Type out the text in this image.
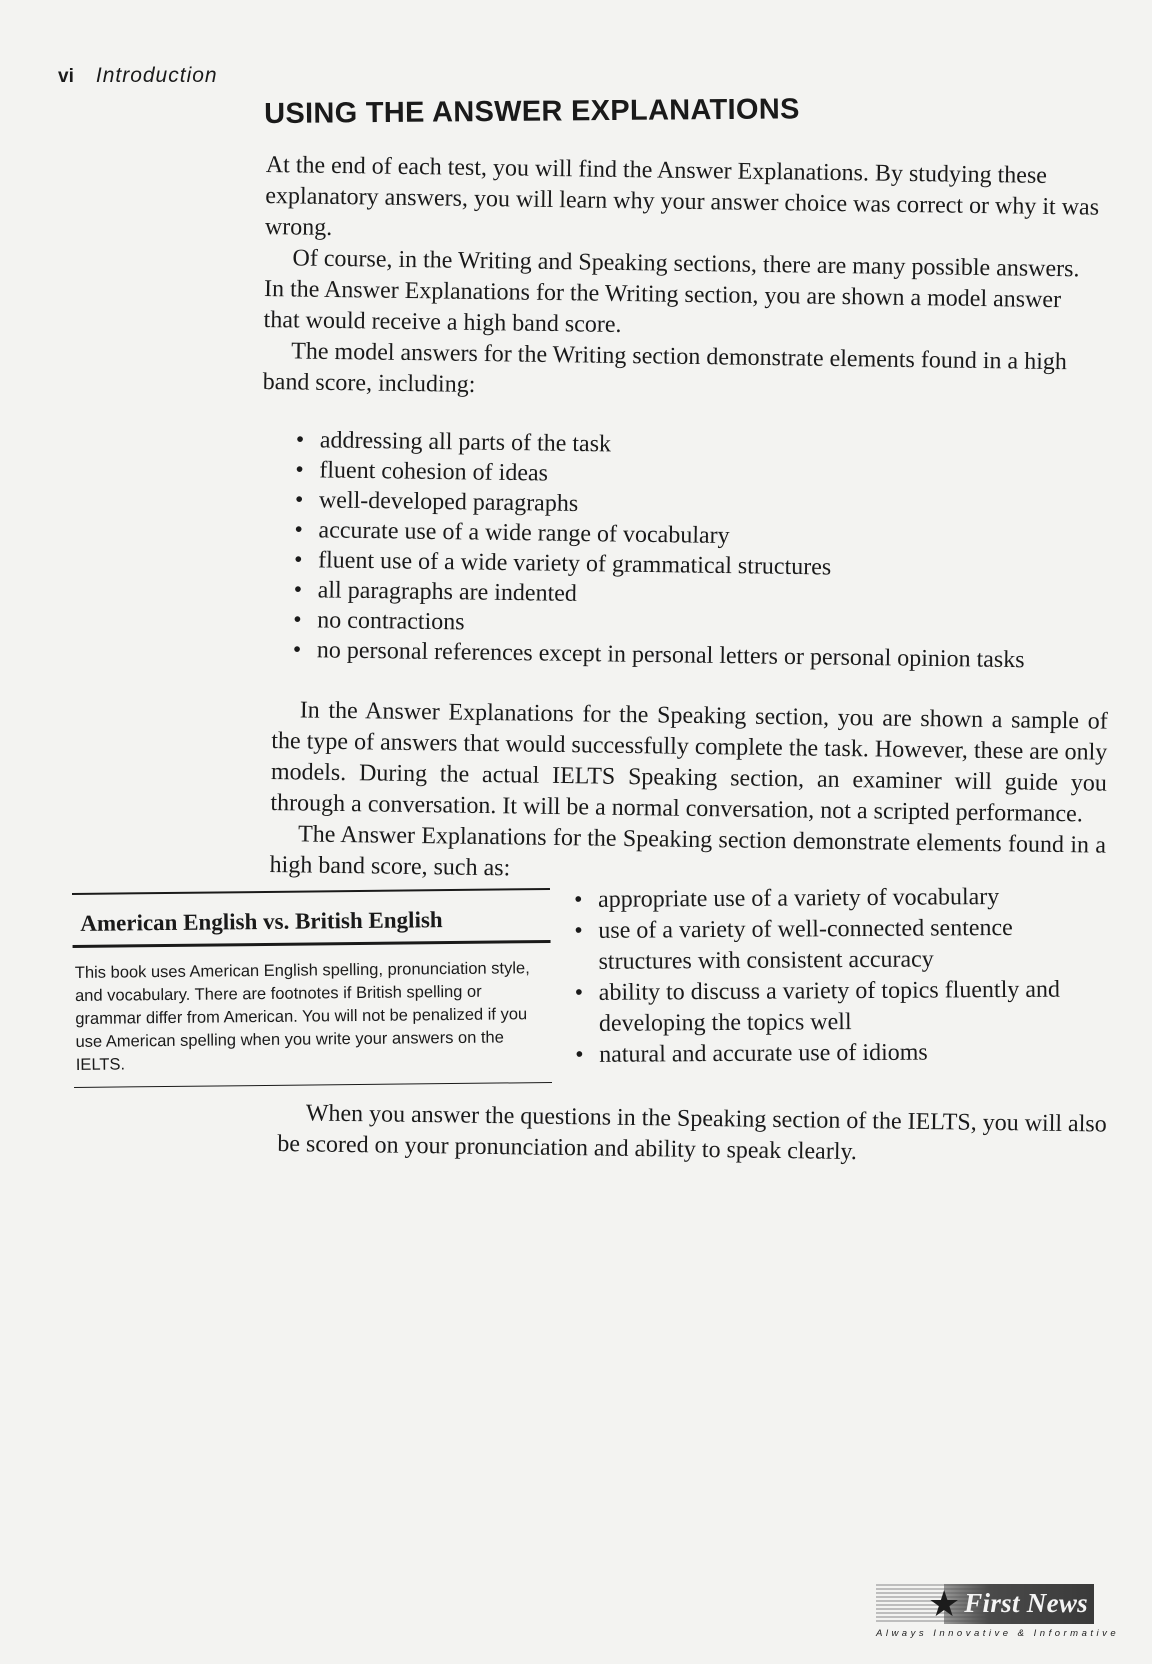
vi Introduction
USING THE ANSWER EXPLANATIONS

At the end of each test, you will find the Answer Explanations. By studying these explanatory answers, you will learn why your answer choice was correct or why it was wrong.

Of course, in the Writing and Speaking sections, there are many possible answers. In the Answer Explanations for the Writing section, you are shown a model answer that would receive a high band score.

The model answers for the Writing section demonstrate elements found in a high band score, including:

• addressing all parts of the task
• fluent cohesion of ideas
• well-developed paragraphs
• accurate use of a wide range of vocabulary
• fluent use of a wide variety of grammatical structures
• all paragraphs are indented
• no contractions
• no personal references except in personal letters or personal opinion tasks

In the Answer Explanations for the Speaking section, you are shown a sample of the type of answers that would successfully complete the task. However, these are only models. During the actual IELTS Speaking section, an examiner will guide you through a conversation. It will be a normal conversation, not a scripted performance.

The Answer Explanations for the Speaking section demonstrate elements found in a high band score, such as:

American English vs. British English
This book uses American English spelling, pronunciation style, and vocabulary. There are footnotes if British spelling or grammar differ from American. You will not be penalized if you use American spelling when you write your answers on the IELTS.
• appropriate use of a variety of vocabulary
• use of a variety of well-connected sentence structures with consistent accuracy
• ability to discuss a variety of topics fluently and developing the topics well
• natural and accurate use of idioms

When you answer the questions in the Speaking section of the IELTS, you will also be scored on your pronunciation and ability to speak clearly.

★ First News
Always Innovative & Informative
